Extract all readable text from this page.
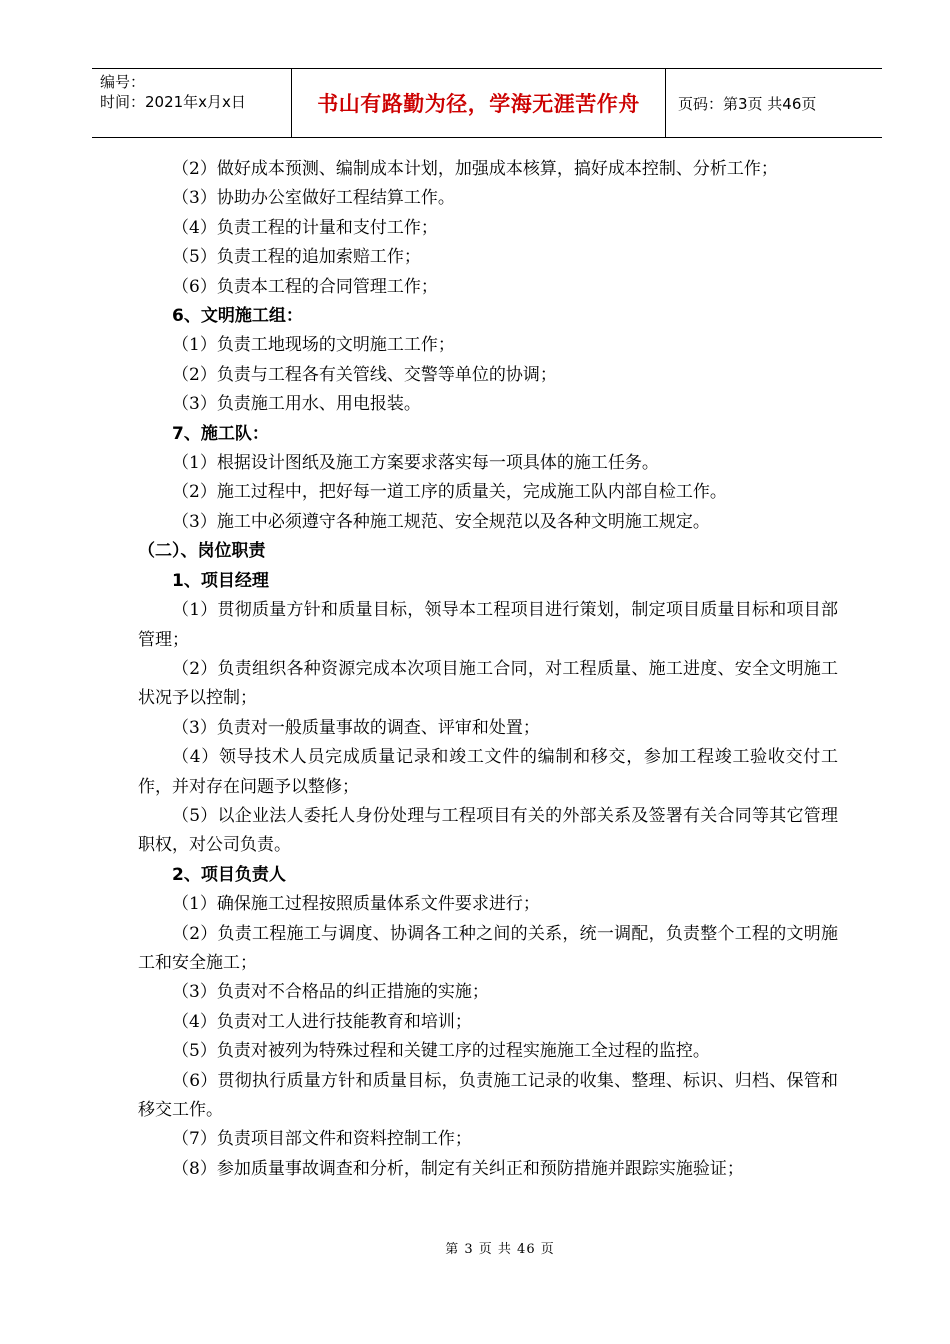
编号：
时间：2021年x月x日	书山有路勤为径，学海无涯苦作舟	页码：第3页 共46页

（2）做好成本预测、编制成本计划，加强成本核算，搞好成本控制、分析工作；

（3）协助办公室做好工程结算工作。

（4）负责工程的计量和支付工作；

（5）负责工程的追加索赔工作；

（6）负责本工程的合同管理工作；

6、文明施工组：

（1）负责工地现场的文明施工工作；

（2）负责与工程各有关管线、交警等单位的协调；

（3）负责施工用水、用电报装。

7、施工队：

（1）根据设计图纸及施工方案要求落实每一项具体的施工任务。

（2）施工过程中，把好每一道工序的质量关，完成施工队内部自检工作。

（3）施工中必须遵守各种施工规范、安全规范以及各种文明施工规定。

（二）、岗位职责

1、项目经理

（1）贯彻质量方针和质量目标，领导本工程项目进行策划，制定项目质量目标和项目部管理；

（2）负责组织各种资源完成本次项目施工合同，对工程质量、施工进度、安全文明施工状况予以控制；

（3）负责对一般质量事故的调查、评审和处置；

（4）领导技术人员完成质量记录和竣工文件的编制和移交，参加工程竣工验收交付工作，并对存在问题予以整修；

（5）以企业法人委托人身份处理与工程项目有关的外部关系及签署有关合同等其它管理职权，对公司负责。

2、项目负责人

（1）确保施工过程按照质量体系文件要求进行；

（2）负责工程施工与调度、协调各工种之间的关系，统一调配，负责整个工程的文明施工和安全施工；

（3）负责对不合格品的纠正措施的实施；

（4）负责对工人进行技能教育和培训；

（5）负责对被列为特殊过程和关键工序的过程实施施工全过程的监控。

（6）贯彻执行质量方针和质量目标，负责施工记录的收集、整理、标识、归档、保管和移交工作。

（7）负责项目部文件和资料控制工作；

（8）参加质量事故调查和分析，制定有关纠正和预防措施并跟踪实施验证；

第 3 页 共 46 页
